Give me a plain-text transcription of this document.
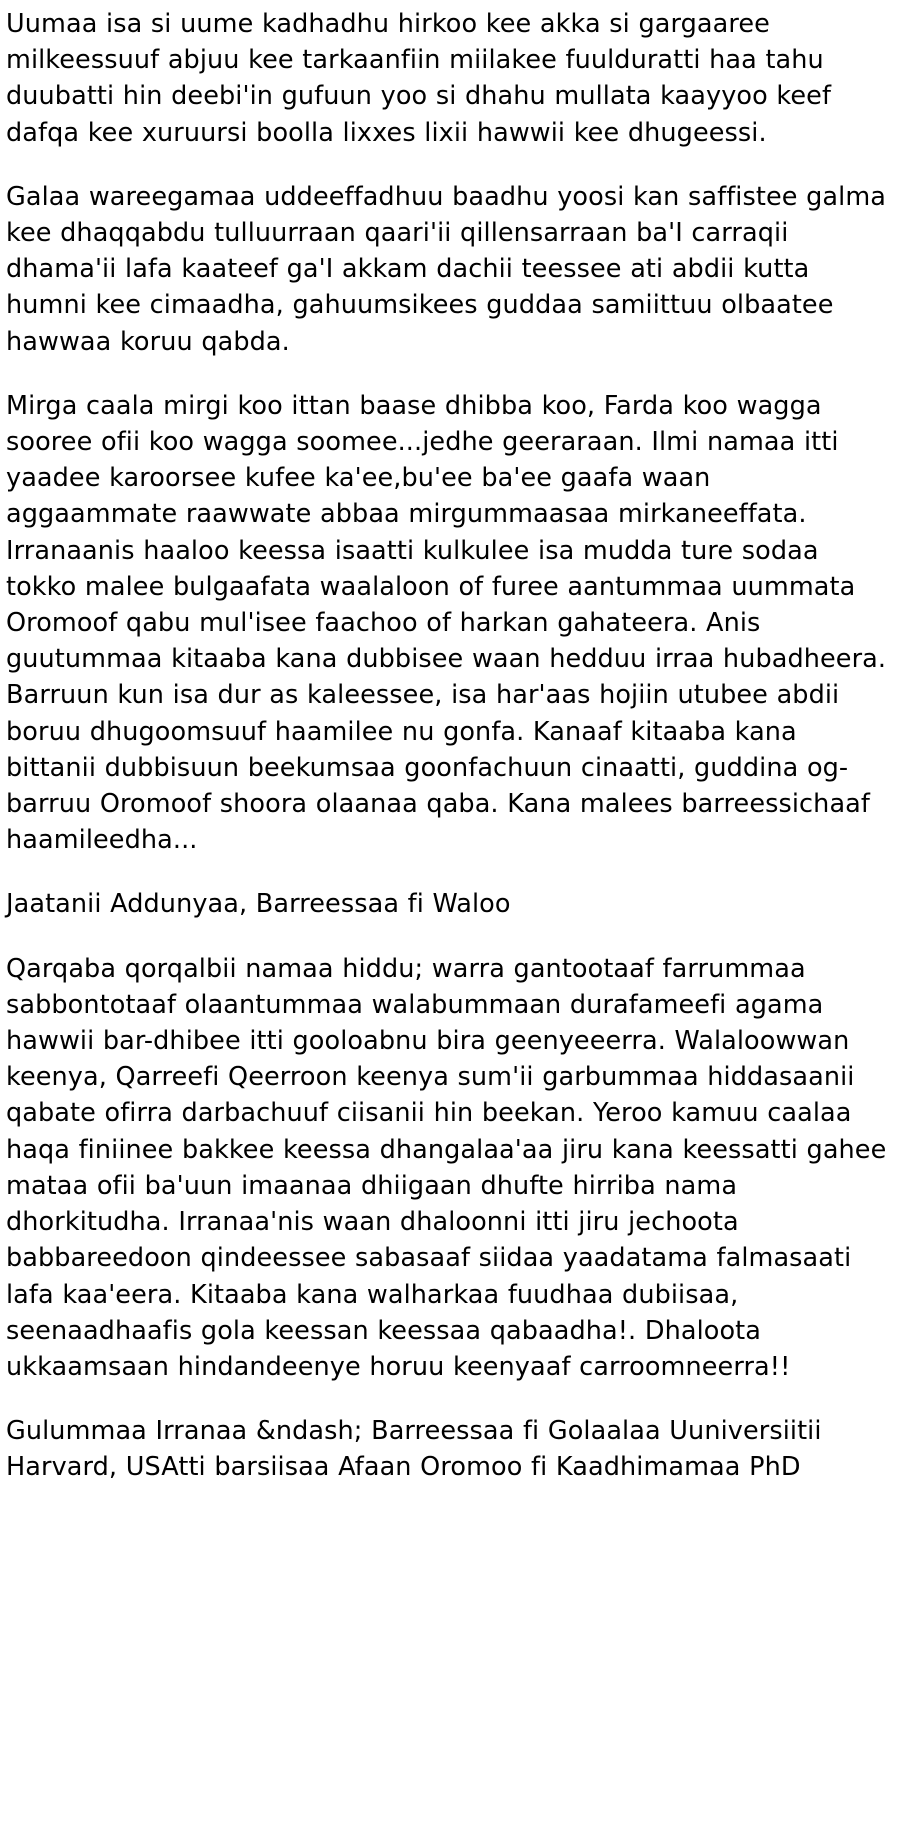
Uumaa isa si uume kadhadhu hirkoo kee akka si gargaaree milkeessuuf abjuu kee tarkaanfiin miilakee fuulduratti haa tahu duubatti hin deebi'in gufuun yoo si dhahu mullata kaayyoo keef dafqa kee xuruursi boolla lixxes lixii hawwii kee dhugeessi.

Galaa wareegamaa uddeeffadhuu baadhu yoosi kan saffistee galma kee dhaqqabdu tulluurraan qaari'ii qillensarraan ba'I carraqii dhama'ii lafa kaateef ga'I akkam dachii teessee ati abdii kutta humni kee cimaadha, gahuumsikees guddaa samiittuu olbaatee hawwaa koruu qabda.

Mirga caala mirgi koo ittan baase dhibba koo, Farda koo wagga sooree ofii koo wagga soomee...jedhe geeraraan. Ilmi namaa itti yaadee karoorsee kufee ka'ee,bu'ee ba'ee gaafa waan aggaammate raawwate abbaa mirgummaasaa mirkaneeffata. Irranaanis haaloo keessa isaatti kulkulee isa mudda ture sodaa tokko malee bulgaafata waalaloon of furee aantummaa uummata Oromoof qabu mul'isee faachoo of harkan gahateera. Anis guutummaa kitaaba kana dubbisee waan hedduu irraa hubadheera. Barruun kun isa dur as kaleessee, isa har'aas hojiin utubee abdii boruu dhugoomsuuf haamilee nu gonfa. Kanaaf kitaaba kana bittanii dubbisuun beekumsaa goonfachuun cinaatti, guddina og-barruu Oromoof shoora olaanaa qaba. Kana malees barreessichaaf haamileedha...

Jaatanii Addunyaa, Barreessaa fi Waloo

Qarqaba qorqalbii namaa hiddu; warra gantootaaf farrummaa sabbontotaaf olaantummaa walabummaan durafameefi agama hawwii bar-dhibee itti gooloabnu bira geenyeeerra. Walaloowwan keenya, Qarreefi Qeerroon keenya sum'ii garbummaa hiddasaanii qabate ofirra darbachuuf ciisanii hin beekan. Yeroo kamuu caalaa haqa finiinee bakkee keessa dhangalaa'aa jiru kana keessatti gahee mataa ofii ba'uun imaanaa dhiigaan dhufte hirriba nama dhorkitudha. Irranaa'nis waan dhaloonni itti jiru jechoota babbareedoon qindeessee sabasaaf siidaa yaadatama falmasaati lafa kaa'eera. Kitaaba kana walharkaa fuudhaa dubiisaa, seenaadhaafis gola keessan keessaa qabaadha!. Dhaloota ukkaamsaan hindandeenye horuu keenyaaf carroomneerra!!

Gulummaa Irranaa &ndash; Barreessaa fi Golaalaa Uuniversiitii Harvard, USAtti barsiisaa Afaan Oromoo fi Kaadhimamaa PhD
